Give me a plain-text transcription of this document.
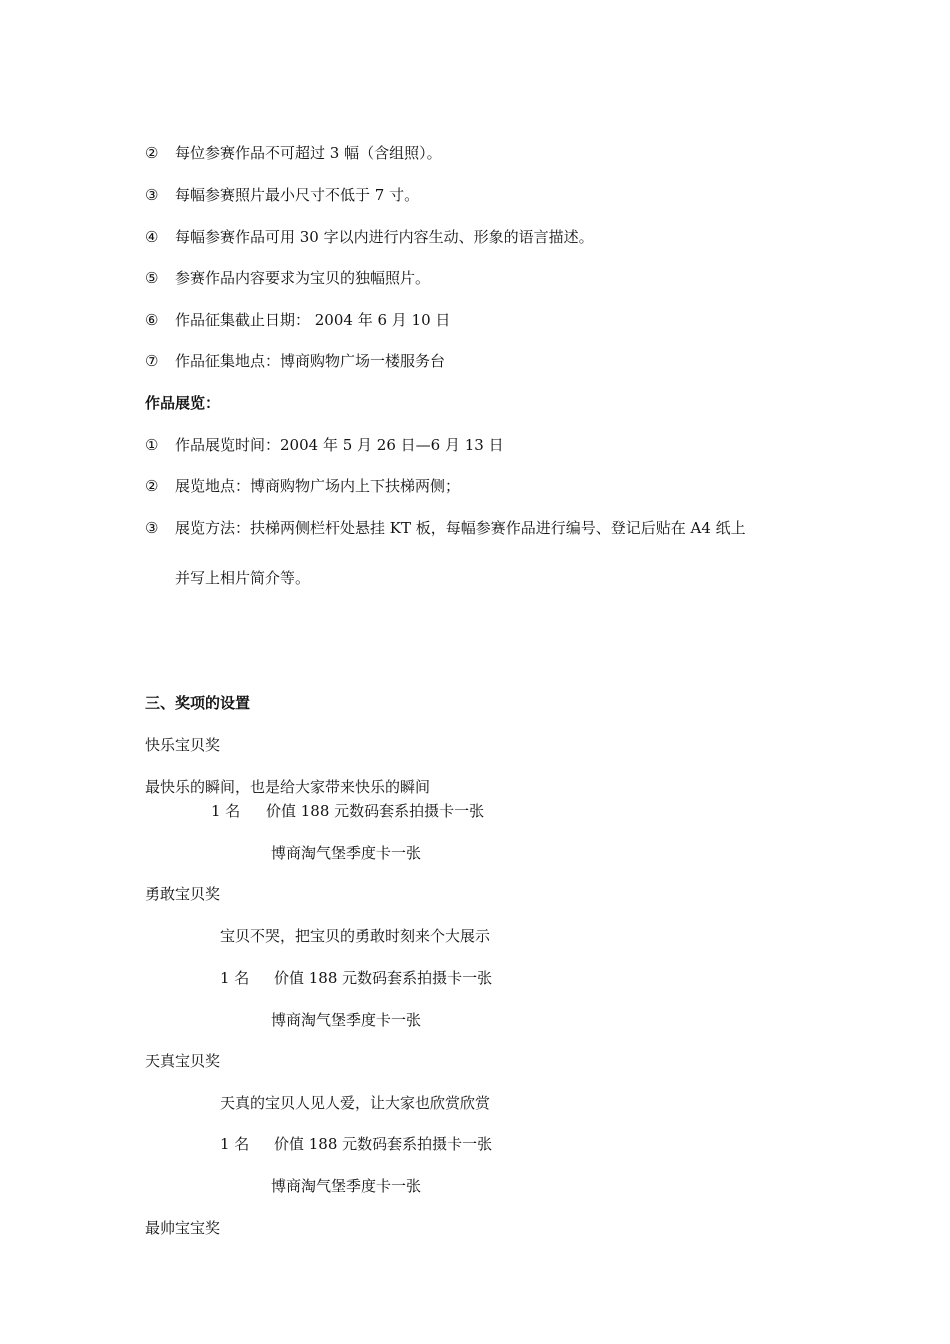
②	每位参赛作品不可超过 3 幅（含组照）。
③	每幅参赛照片最小尺寸不低于 7 寸。
④	每幅参赛作品可用 30 字以内进行内容生动、形象的语言描述。
⑤	参赛作品内容要求为宝贝的独幅照片。
⑥	作品征集截止日期： 2004 年 6 月 10 日
⑦	作品征集地点：博商购物广场一楼服务台
作品展览：
①	作品展览时间：2004 年 5 月 26 日—6 月 13 日
②	展览地点：博商购物广场内上下扶梯两侧；
③	展览方法：扶梯两侧栏杆处悬挂 KT 板，每幅参赛作品进行编号、登记后贴在 A4 纸上
并写上相片简介等。
三、奖项的设置
快乐宝贝奖
最快乐的瞬间，也是给大家带来快乐的瞬间
1 名 价值 188 元数码套系拍摄卡一张
博商淘气堡季度卡一张
勇敢宝贝奖
宝贝不哭，把宝贝的勇敢时刻来个大展示
1 名 价值 188 元数码套系拍摄卡一张
博商淘气堡季度卡一张
天真宝贝奖
天真的宝贝人见人爱，让大家也欣赏欣赏
1 名 价值 188 元数码套系拍摄卡一张
博商淘气堡季度卡一张
最帅宝宝奖
